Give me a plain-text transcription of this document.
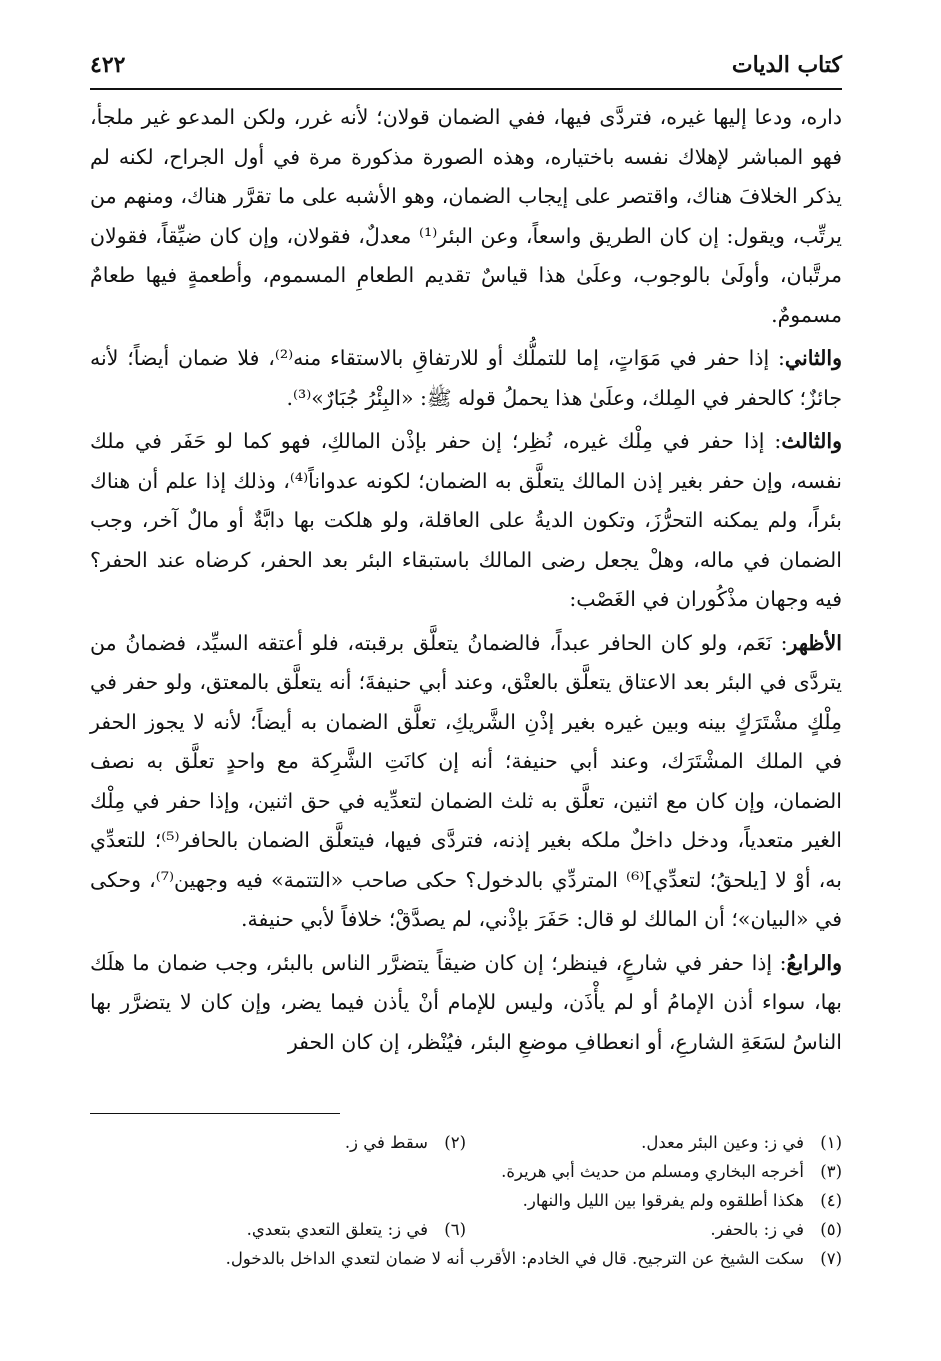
كتاب الديات
٤٢٢

داره، ودعا إليها غيره، فتردَّى فيها، ففي الضمان قولان؛ لأنه غرر، ولكن المدعو غير ملجأ، فهو المباشر لإهلاك نفسه باختياره، وهذه الصورة مذكورة مرة في أول الجراح، لكنه لم يذكر الخلافَ هناك، واقتصر على إيجاب الضمان، وهو الأشبه على ما تقرَّر هناك، ومنهم من يرتِّب، ويقول: إن كان الطريق واسعاً، وعن البئر⁽¹⁾ معدلٌ، فقولان، وإن كان ضيِّقاً، فقولان مرتَّبان، وأولَىٰ بالوجوب، وعلَىٰ هذا قياسٌ تقديم الطعامِ المسموم، وأطعمةٍ فيها طعامٌ مسمومٌ.

والثاني: إذا حفر في مَوَاتٍ، إما للتملُّك أو للارتفاقِ بالاستقاء منه⁽²⁾، فلا ضمان أيضاً؛ لأنه جائزٌ؛ كالحفر في المِلك، وعلَىٰ هذا يحملُ قوله ﷺ: «البِئْرُ جُبَارٌ»⁽³⁾.

والثالث: إذا حفر في مِلْك غيره، نُظِر؛ إن حفر بإذْن المالكِ، فهو كما لو حَفَر في ملك نفسه، وإن حفر بغير إذن المالك يتعلَّق به الضمان؛ لكونه عدواناً⁽⁴⁾، وذلك إذا علم أن هناك بئراً، ولم يمكنه التحرُّزَ، وتكون الديةُ على العاقلة، ولو هلكت بها دابَّةٌ أو مالٌ آخر، وجب الضمان في ماله، وهلْ يجعل رضى المالك باستبقاء البئر بعد الحفر، كرضاه عند الحفر؟ فيه وجهان مذْكُوران في الغَصْب:

الأظهر: نَعَم، ولو كان الحافر عبداً، فالضمانُ يتعلَّق برقبته، فلو أعتقه السيِّد، فضمانُ من يتردَّى في البئر بعد الاعتاق يتعلَّق بالعتْق، وعند أبي حنيفةَ؛ أنه يتعلَّق بالمعتق، ولو حفر في مِلْكٍ مشْتَرَكٍ بينه وبين غيره بغير إذْنِ الشَّريكِ، تعلَّق الضمان به أيضاً؛ لأنه لا يجوز الحفر في الملك المشْتَرَك، وعند أبي حنيفة؛ أنه إن كانَتِ الشَّرِكة مع واحدٍ تعلَّق به نصف الضمان، وإن كان مع اثنين، تعلَّق به ثلث الضمان لتعدِّيه في حق اثنين، وإذا حفر في مِلْك الغير متعدياً، ودخل داخلٌ ملكه بغير إذنه، فتردَّى فيها، فيتعلَّق الضمان بالحافر⁽⁵⁾؛ للتعدِّي به، أوْ لا [يلحقُ؛ لتعدِّي]⁽⁶⁾ المتردِّي بالدخول؟ حكى صاحب «التتمة» فيه وجهين⁽⁷⁾، وحكى في «البيان»؛ أن المالك لو قال: حَفَرَ بإذْني، لم يصدَّقْ؛ خلافاً لأبي حنيفة.

والرابعُ: إذا حفر في شارعٍ، فينظر؛ إن كان ضيقاً يتضرَّر الناس بالبئر، وجب ضمان ما هلَك بها، سواء أذن الإمامُ أو لم يأْذَن، وليس للإمام أنْ يأذن فيما يضر، وإن كان لا يتضرَّر بها الناسُ لسَعَةِ الشارعِ، أو انعطافِ موضعِ البئر، فيُنْظر، إن كان الحفر

(١)في ز: وعين البئر معدل.
(٢)سقط في ز.
(٣)أخرجه البخاري ومسلم من حديث أبي هريرة.
(٤)هكذا أطلقوه ولم يفرقوا بين الليل والنهار.
(٥)في ز: بالحفر.
(٦)في ز: يتعلق التعدي بتعدي.
(٧)سكت الشيخ عن الترجيح. قال في الخادم: الأقرب أنه لا ضمان لتعدي الداخل بالدخول.
